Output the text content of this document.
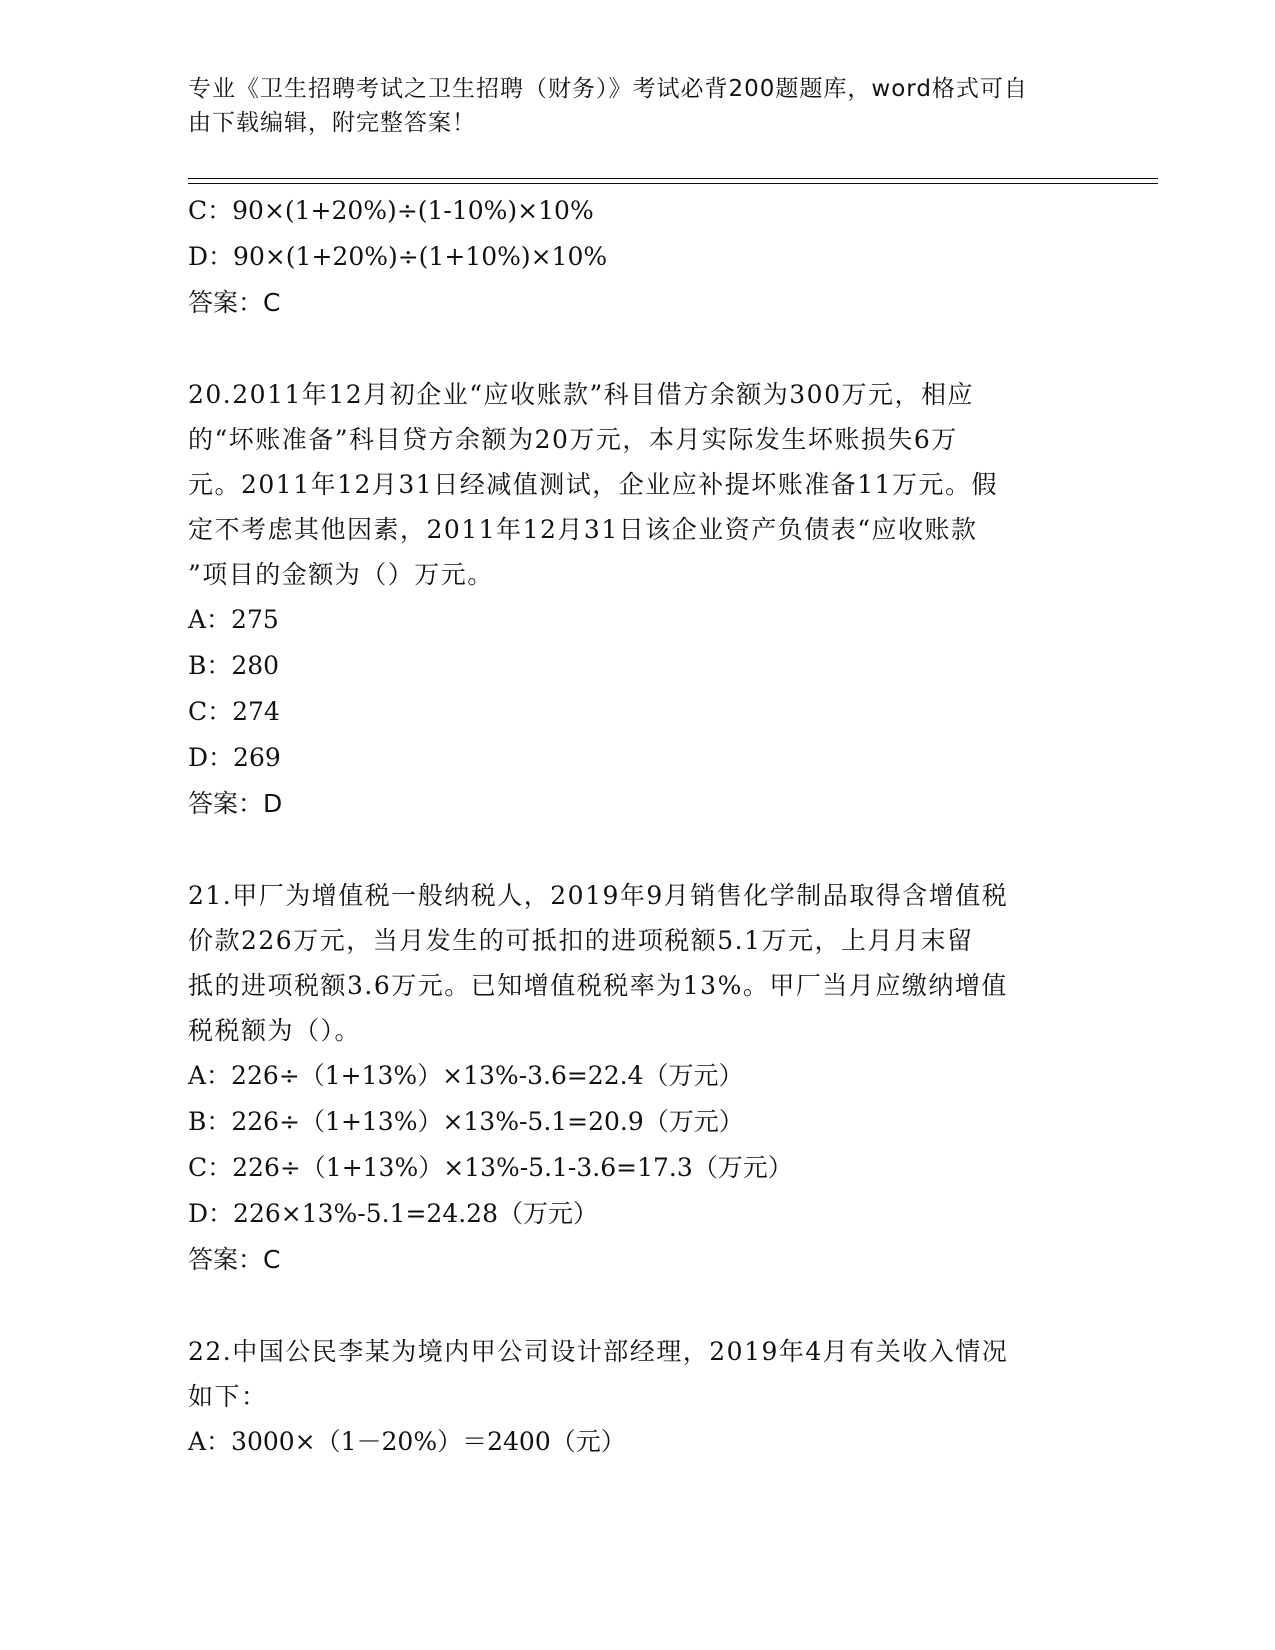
专业《卫生招聘考试之卫生招聘（财务）》考试必背200题题库，word格式可自
由下载编辑，附完整答案！
C：90×(1+20%)÷(1-10%)×10%
D：90×(1+20%)÷(1+10%)×10%
答案：C
20.2011年12月初企业“应收账款”科目借方余额为300万元，相应
的“坏账准备”科目贷方余额为20万元，本月实际发生坏账损失6万
元。2011年12月31日经减值测试，企业应补提坏账准备11万元。假
定不考虑其他因素，2011年12月31日该企业资产负债表“应收账款
”项目的金额为（）万元。
A：275
B：280
C：274
D：269
答案：D
21.甲厂为增值税一般纳税人，2019年9月销售化学制品取得含增值税
价款226万元，当月发生的可抵扣的进项税额5.1万元，上月月末留
抵的进项税额3.6万元。已知增值税税率为13%。甲厂当月应缴纳增值
税税额为（）。
A：226÷（1+13%）×13%-3.6=22.4（万元）
B：226÷（1+13%）×13%-5.1=20.9（万元）
C：226÷（1+13%）×13%-5.1-3.6=17.3（万元）
D：226×13%-5.1=24.28（万元）
答案：C
22.中国公民李某为境内甲公司设计部经理，2019年4月有关收入情况
如下：
A：3000×（1－20%）＝2400（元）
